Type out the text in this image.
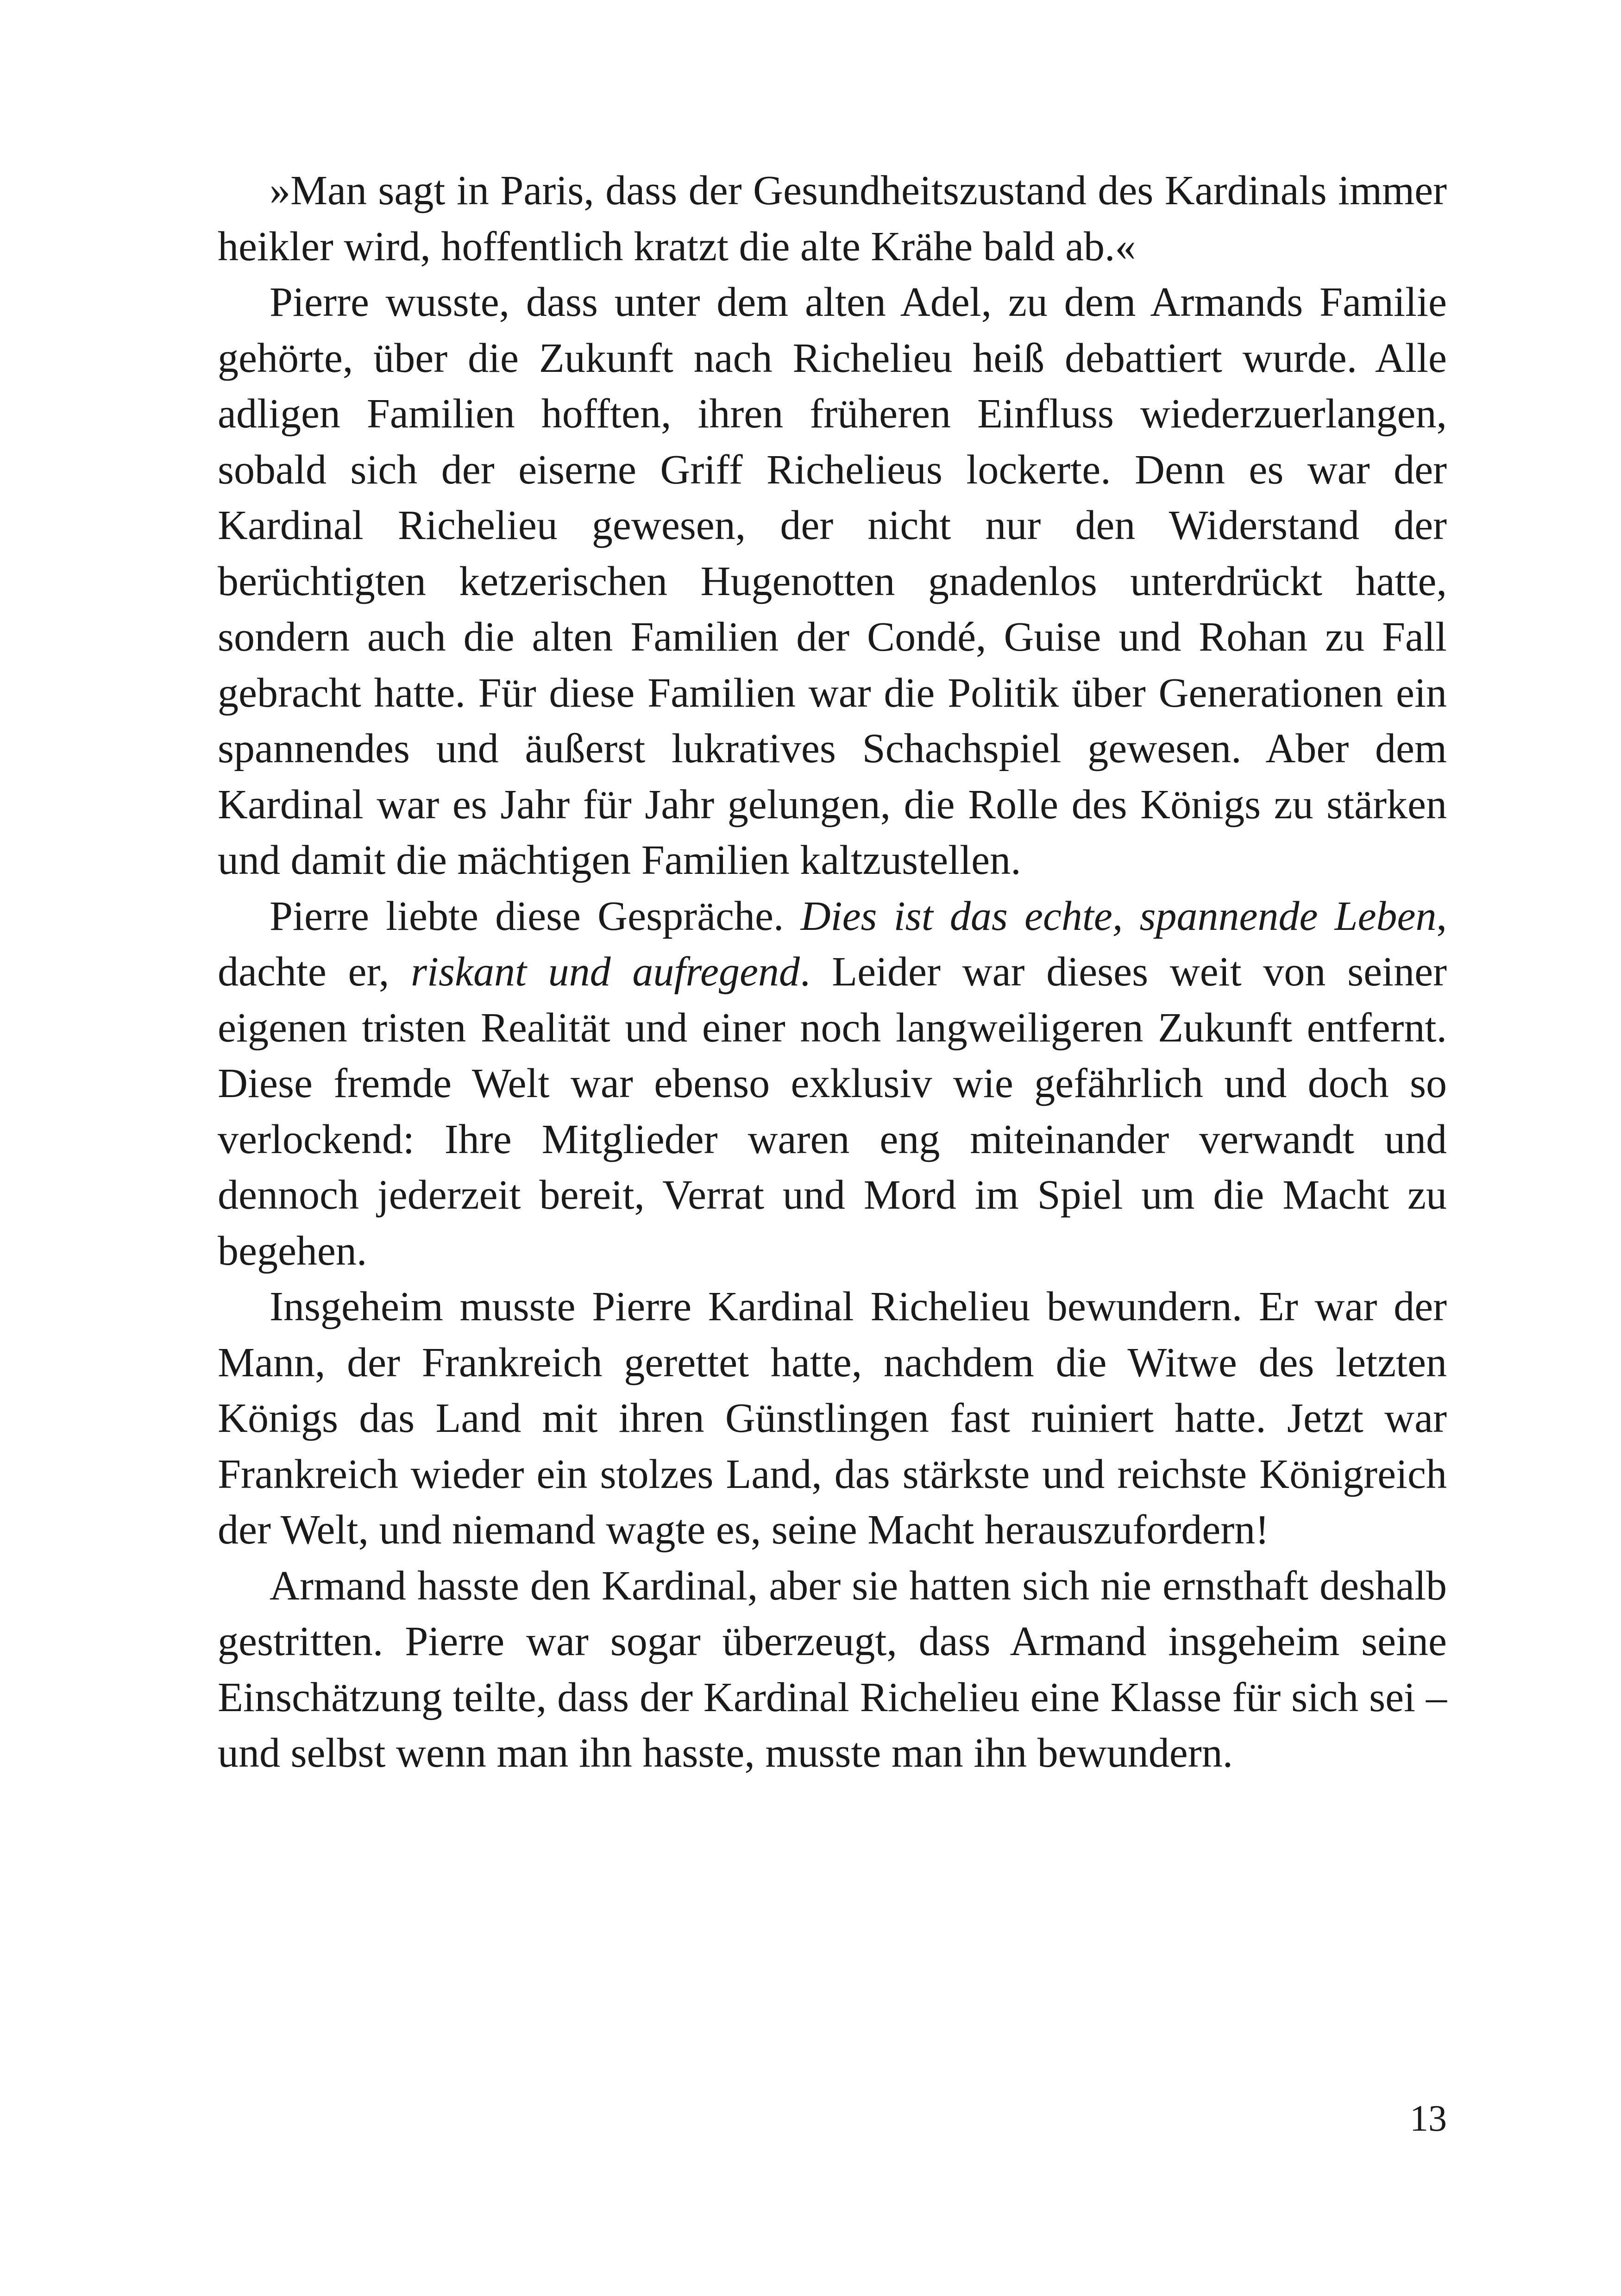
»Man sagt in Paris, dass der Gesundheitszustand des Kardinals immer heikler wird, hoffentlich kratzt die alte Krähe bald ab.«

Pierre wusste, dass unter dem alten Adel, zu dem Armands Familie gehörte, über die Zukunft nach Richelieu heiß debattiert wurde. Alle adligen Familien hofften, ihren früheren Einfluss wiederzuerlangen, sobald sich der eiserne Griff Richelieus lockerte. Denn es war der Kardinal Richelieu gewesen, der nicht nur den Widerstand der berüchtigten ketzerischen Hugenotten gnadenlos unterdrückt hatte, sondern auch die alten Familien der Condé, Guise und Rohan zu Fall gebracht hatte. Für diese Familien war die Politik über Generationen ein spannendes und äußerst lukratives Schachspiel gewesen. Aber dem Kardinal war es Jahr für Jahr gelungen, die Rolle des Königs zu stärken und damit die mächtigen Familien kaltzustellen.

Pierre liebte diese Gespräche. Dies ist das echte, spannende Leben, dachte er, riskant und aufregend. Leider war dieses weit von seiner eigenen tristen Realität und einer noch langweiligeren Zukunft entfernt. Diese fremde Welt war ebenso exklusiv wie gefährlich und doch so verlockend: Ihre Mitglieder waren eng miteinander verwandt und dennoch jederzeit bereit, Verrat und Mord im Spiel um die Macht zu begehen.

Insgeheim musste Pierre Kardinal Richelieu bewundern. Er war der Mann, der Frankreich gerettet hatte, nachdem die Witwe des letzten Königs das Land mit ihren Günstlingen fast ruiniert hatte. Jetzt war Frankreich wieder ein stolzes Land, das stärkste und reichste Königreich der Welt, und niemand wagte es, seine Macht herauszufordern!

Armand hasste den Kardinal, aber sie hatten sich nie ernsthaft deshalb gestritten. Pierre war sogar überzeugt, dass Armand insgeheim seine Einschätzung teilte, dass der Kardinal Richelieu eine Klasse für sich sei – und selbst wenn man ihn hasste, musste man ihn bewundern.

13
